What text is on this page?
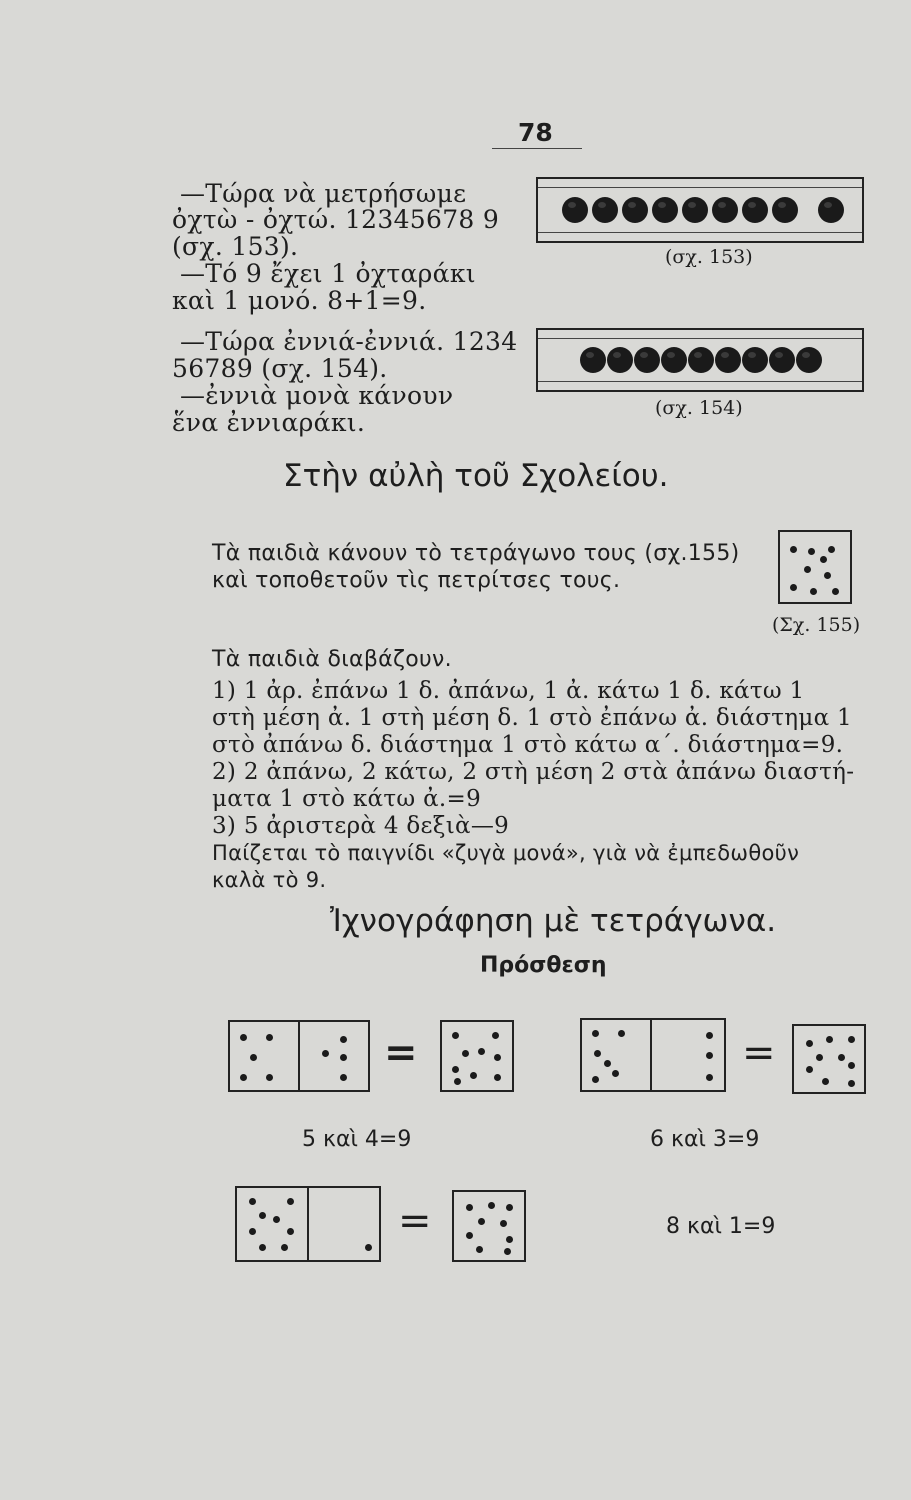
78
—Τώρα νὰ μετρήσωμε
ὀχτὼ - ὀχτώ. 12345678 9
(σχ. 153).
—Τό 9 ἔχει 1 ὀχταράκι
καὶ 1 μονό. 8+1=9.
—Τώρα ἐννιά-ἐννιά. 1234
56789 (σχ. 154).
—ἐννιὰ μονὰ κάνουν
ἕνα ἐννιαράκι.
(σχ. 153)
(σχ. 154)
Στὴν αὐλὴ τοῦ Σχολείου.
Τὰ παιδιὰ κάνουν τὸ τετράγωνο τους (σχ.155)
καὶ τοποθετοῦν τὶς πετρίτσες τους.
(Σχ. 155)
Τὰ παιδιὰ διαβάζουν.
1) 1 ἀρ. ἐπάνω 1 δ. ἀπάνω, 1 ἀ. κάτω 1 δ. κάτω 1
στὴ μέση ἀ. 1 στὴ μέση δ. 1 στὸ ἐπάνω ἀ. διάστημα 1
στὸ ἀπάνω δ. διάστημα 1 στὸ κάτω α΄. διάστημα=9.
2) 2 ἀπάνω, 2 κάτω, 2 στὴ μέση 2 στὰ ἀπάνω διαστή-
ματα 1 στὸ κάτω ἀ.=9
3) 5 ἀριστερὰ 4 δεξιὰ—9
Παίζεται τὸ παιγνίδι «ζυγὰ μονά», γιὰ νὰ ἐμπεδωθοῦν
καλὰ τὸ 9.
Ἰχνογράφηση μὲ τετράγωνα.
Πρόσθεση
=
5 καὶ 4=9
=
6 καὶ 3=9
=	8 καὶ 1=9
